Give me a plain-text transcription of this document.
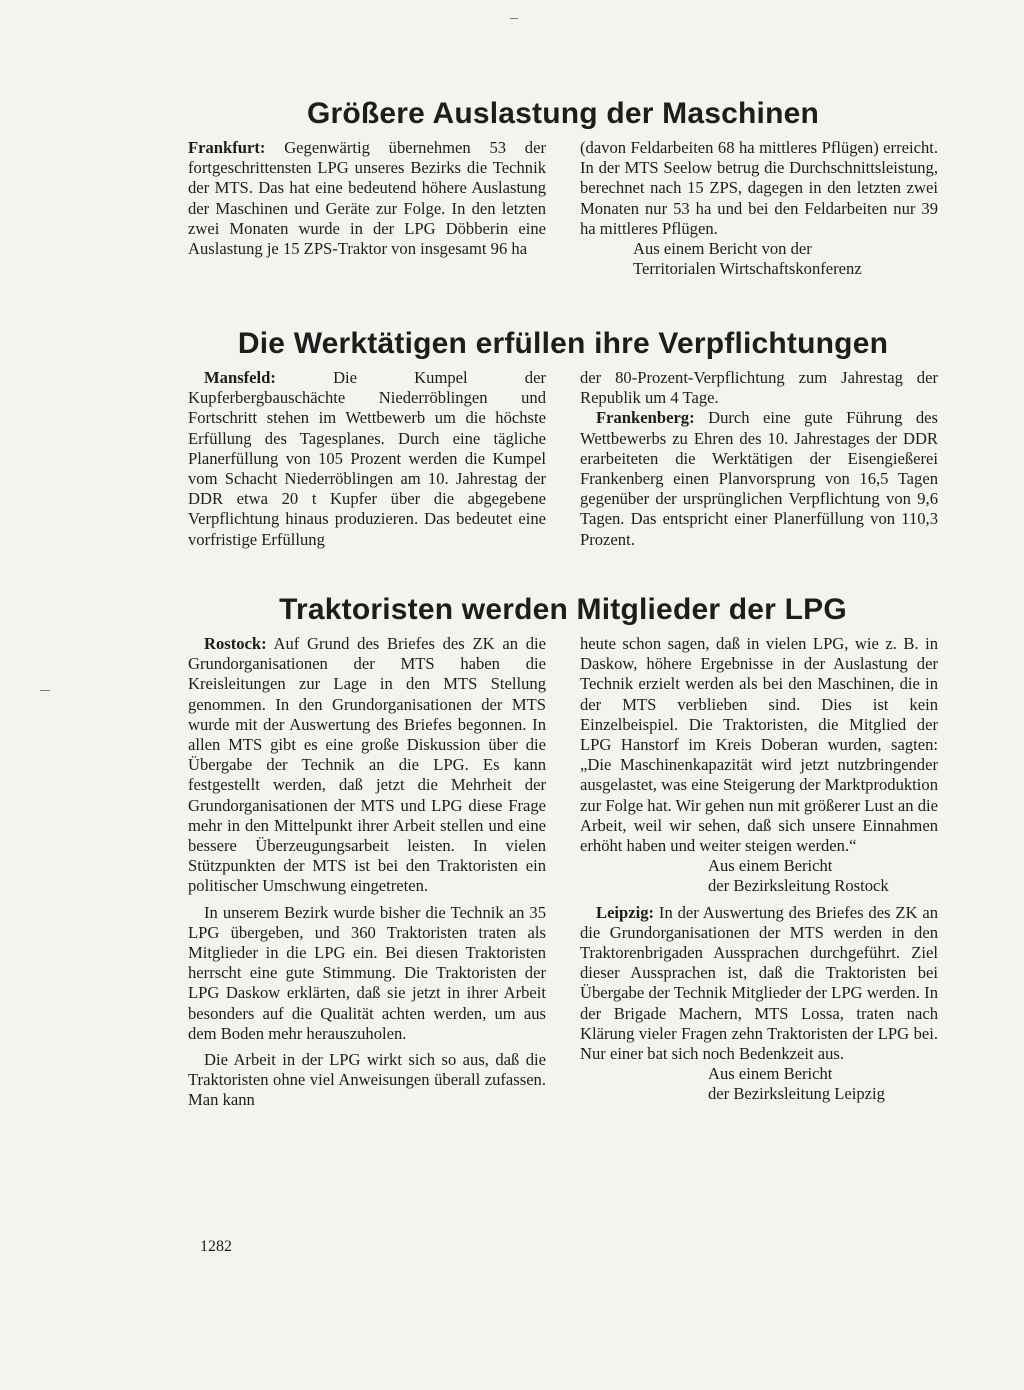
Größere Auslastung der Maschinen

Frankfurt: Gegenwärtig übernehmen 53 der fortgeschrittensten LPG unseres Bezirks die Technik der MTS. Das hat eine bedeutend höhere Auslastung der Maschinen und Geräte zur Folge. In den letzten zwei Monaten wurde in der LPG Döbberin eine Auslastung je 15 ZPS-Traktor von insgesamt 96 ha

(davon Feldarbeiten 68 ha mittleres Pflügen) erreicht. In der MTS Seelow betrug die Durchschnittsleistung, berechnet nach 15 ZPS, dagegen in den letzten zwei Monaten nur 53 ha und bei den Feldarbeiten nur 39 ha mittleres Pflügen.

Aus einem Bericht von der
Territorialen Wirtschaftskonferenz
Die Werktätigen erfüllen ihre Verpflichtungen

Mansfeld: Die Kumpel der Kupferbergbauschächte Niederröblingen und Fortschritt stehen im Wettbewerb um die höchste Erfüllung des Tagesplanes. Durch eine tägliche Planerfüllung von 105 Prozent werden die Kumpel vom Schacht Niederröblingen am 10. Jahrestag der DDR etwa 20 t Kupfer über die abgegebene Verpflichtung hinaus produzieren. Das bedeutet eine vorfristige Erfüllung

der 80-Prozent-Verpflichtung zum Jahrestag der Republik um 4 Tage.

Frankenberg: Durch eine gute Führung des Wettbewerbs zu Ehren des 10. Jahrestages der DDR erarbeiteten die Werktätigen der Eisengießerei Frankenberg einen Planvorsprung von 16,5 Tagen gegenüber der ursprünglichen Verpflichtung von 9,6 Tagen. Das entspricht einer Planerfüllung von 110,3 Prozent.

Traktoristen werden Mitglieder der LPG

Rostock: Auf Grund des Briefes des ZK an die Grundorganisationen der MTS haben die Kreisleitungen zur Lage in den MTS Stellung genommen. In den Grundorganisationen der MTS wurde mit der Auswertung des Briefes begonnen. In allen MTS gibt es eine große Diskussion über die Übergabe der Technik an die LPG. Es kann festgestellt werden, daß jetzt die Mehrheit der Grundorganisationen der MTS und LPG diese Frage mehr in den Mittelpunkt ihrer Arbeit stellen und eine bessere Überzeugungsarbeit leisten. In vielen Stützpunkten der MTS ist bei den Traktoristen ein politischer Umschwung eingetreten.

In unserem Bezirk wurde bisher die Technik an 35 LPG übergeben, und 360 Traktoristen traten als Mitglieder in die LPG ein. Bei diesen Traktoristen herrscht eine gute Stimmung. Die Traktoristen der LPG Daskow erklärten, daß sie jetzt in ihrer Arbeit besonders auf die Qualität achten werden, um aus dem Boden mehr herauszuholen.

Die Arbeit in der LPG wirkt sich so aus, daß die Traktoristen ohne viel Anweisungen überall zufassen. Man kann

heute schon sagen, daß in vielen LPG, wie z. B. in Daskow, höhere Ergebnisse in der Auslastung der Technik erzielt werden als bei den Maschinen, die in der MTS verblieben sind. Dies ist kein Einzelbeispiel. Die Traktoristen, die Mitglied der LPG Hanstorf im Kreis Doberan wurden, sagten: „Die Maschinenkapazität wird jetzt nutzbringender ausgelastet, was eine Steigerung der Marktproduktion zur Folge hat. Wir gehen nun mit größerer Lust an die Arbeit, weil wir sehen, daß sich unsere Einnahmen erhöht haben und weiter steigen werden.“

Aus einem Bericht
der Bezirksleitung Rostock

Leipzig: In der Auswertung des Briefes des ZK an die Grundorganisationen der MTS werden in den Traktorenbrigaden Aussprachen durchgeführt. Ziel dieser Aussprachen ist, daß die Traktoristen bei Übergabe der Technik Mitglieder der LPG werden. In der Brigade Machern, MTS Lossa, traten nach Klärung vieler Fragen zehn Traktoristen der LPG bei. Nur einer bat sich noch Bedenkzeit aus.

Aus einem Bericht
der Bezirksleitung Leipzig
1282
